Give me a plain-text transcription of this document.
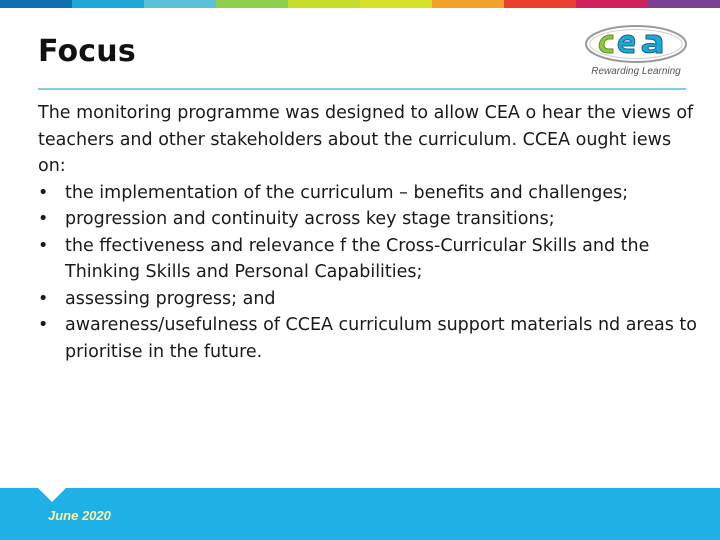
Focus
Rewarding Learning
The monitoring programme was designed to allow CEA o hear the views of teachers and other stakeholders about the curriculum. CCEA ought iews on:
• the implementation of the curriculum – benefits and challenges;
• progression and continuity across key stage transitions;
• the ffectiveness and relevance f the Cross-Curricular Skills and the Thinking Skills and Personal Capabilities;
• assessing progress; and
• awareness/usefulness of CCEA curriculum support materials nd areas to prioritise in the future.
June 2020
